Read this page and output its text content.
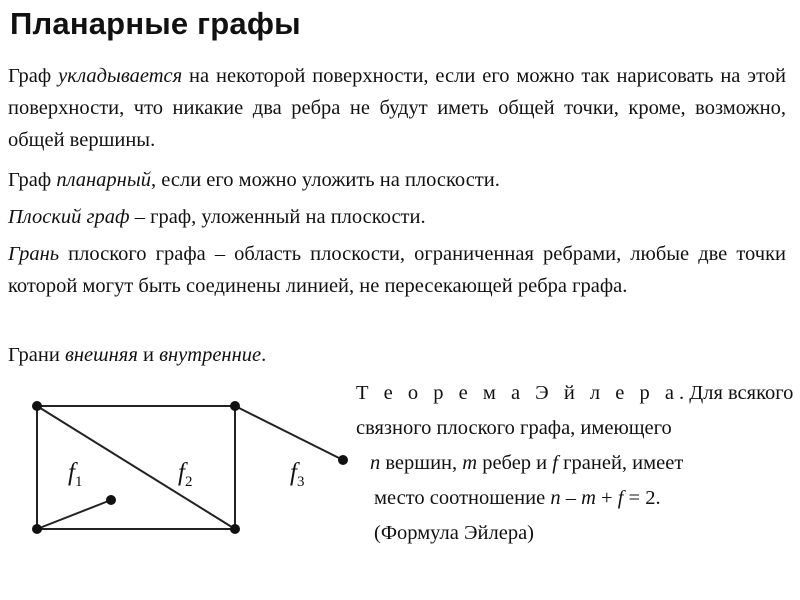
Планарные графы
Граф укладывается на некоторой поверхности, если его можно так нарисовать на этой поверхности, что никакие два ребра не будут иметь общей точки, кроме, возможно, общей вершины.
Граф планарный, если его можно уложить на плоскости.
Плоский граф – граф, уложенный на плоскости.
Грань плоского графа – область плоскости, ограниченная ребрами, любые две точки которой могут быть соединены линией, не пересекающей ребра графа.
Грани внешняя и внутренние.
Т е о р е м а Э й л е р а. Для всякого
связного плоского графа, имеющего
n вершин, m ребер и f граней, имеет
место соотношение n – m + f = 2.
(Формула Эйлера)
$f_1$	$f_2$	$f_3$
